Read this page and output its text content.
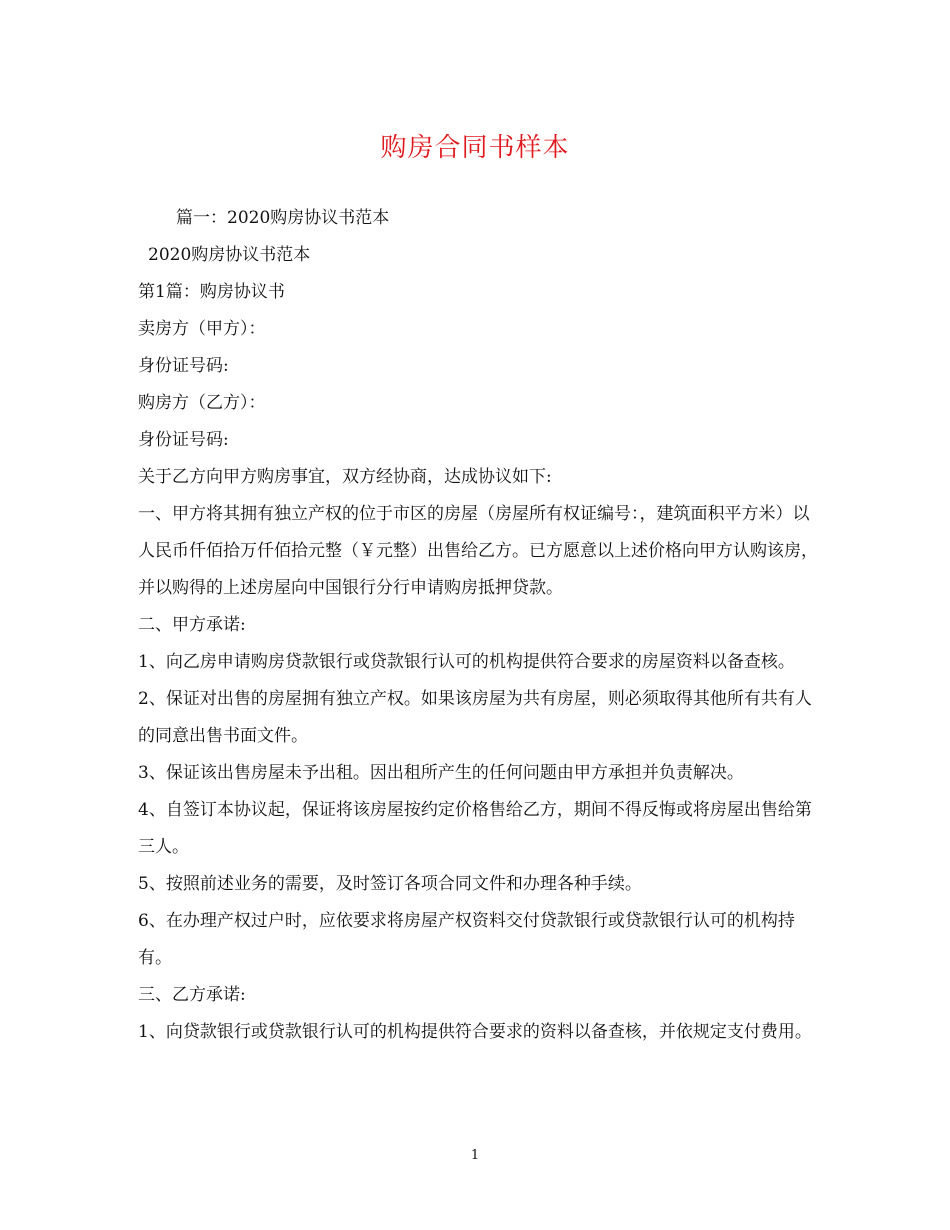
购房合同书样本

篇一：2020购房协议书范本

2020购房协议书范本

第1篇：购房协议书

卖房方（甲方）：

身份证号码:

购房方（乙方）：

身份证号码:

关于乙方向甲方购房事宜，双方经协商，达成协议如下:

一、甲方将其拥有独立产权的位于市区的房屋（房屋所有权证编号：，建筑面积平方米）以人民币仟佰拾万仟佰拾元整（￥元整）出售给乙方。已方愿意以上述价格向甲方认购该房，并以购得的上述房屋向中国银行分行申请购房抵押贷款。

二、甲方承诺:

1、向乙房申请购房贷款银行或贷款银行认可的机构提供符合要求的房屋资料以备查核。

2、保证对出售的房屋拥有独立产权。如果该房屋为共有房屋，则必须取得其他所有共有人的同意出售书面文件。

3、保证该出售房屋未予出租。因出租所产生的任何问题由甲方承担并负责解决。

4、自签订本协议起，保证将该房屋按约定价格售给乙方，期间不得反悔或将房屋出售给第三人。

5、按照前述业务的需要，及时签订各项合同文件和办理各种手续。

6、在办理产权过户时，应依要求将房屋产权资料交付贷款银行或贷款银行认可的机构持有。

三、乙方承诺:

1、向贷款银行或贷款银行认可的机构提供符合要求的资料以备查核，并依规定支付费用。

1
